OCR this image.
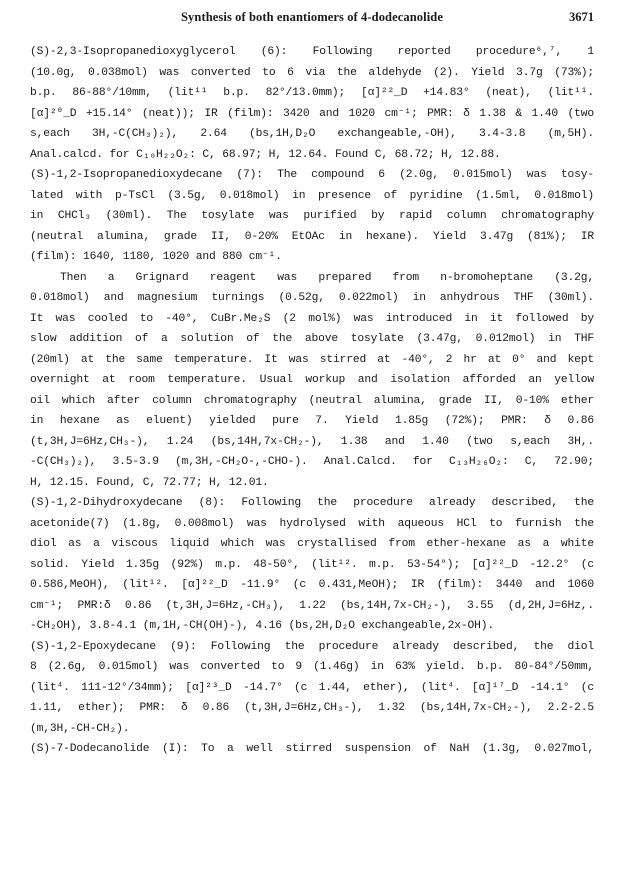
Synthesis of both enantiomers of 4-dodecanolide	3671
(S)-2,3-Isopropanedioxyglycerol (6): Following reported procedure⁶,⁷, 1
(10.0g, 0.038mol) was converted to 6 via the aldehyde (2). Yield 3.7g (73%);
b.p. 86-88°/10mm, (lit¹¹ b.p. 82°/13.0mm); [α]²²_D +14.83° (neat), (lit¹¹.
[α]²⁰_D +15.14° (neat)); IR (film): 3420 and 1020 cm⁻¹; PMR: δ 1.38 & 1.40 (two
s,each 3H,-C(CH₃)₂), 2.64 (bs,1H,D₂O exchangeable,-OH), 3.4-3.8 (m,5H).
Anal.calcd. for C₁₀H₂₂O₂: C, 68.97; H, 12.64. Found C, 68.72; H, 12.88.
(S)-1,2-Isopropanedioxydecane (7): The compound 6 (2.0g, 0.015mol) was tosy-
lated with p-TsCl (3.5g, 0.018mol) in presence of pyridine (1.5ml, 0.018mol)
in CHCl₃ (30ml). The tosylate was purified by rapid column chromatography
(neutral alumina, grade II, 0-20% EtOAc in hexane). Yield 3.47g (81%); IR
(film): 1640, 1180, 1020 and 880 cm⁻¹.
Then a Grignard reagent was prepared from n-bromoheptane (3.2g,
0.018mol) and magnesium turnings (0.52g, 0.022mol) in anhydrous THF (30ml).
It was cooled to -40°, CuBr.Me₂S (2 mol%) was introduced in it followed by
slow addition of a solution of the above tosylate (3.47g, 0.012mol) in THF
(20ml) at the same temperature. It was stirred at -40°, 2 hr at 0° and kept
overnight at room temperature. Usual workup and isolation afforded an yellow
oil which after column chromatography (neutral alumina, grade II, 0-10% ether
in hexane as eluent) yielded pure 7. Yield 1.85g (72%); PMR: δ 0.86
(t,3H,J=6Hz,CH₃-), 1.24 (bs,14H,7x-CH₂-), 1.38 and 1.40 (two s,each 3H,.
-C(CH₃)₂), 3.5-3.9 (m,3H,-CH₂O-,-CHO-). Anal.Calcd. for C₁₃H₂₆O₂: C, 72.90;
H, 12.15. Found, C, 72.77; H, 12.01.
(S)-1,2-Dihydroxydecane (8): Following the procedure already described, the
acetonide(7) (1.8g, 0.008mol) was hydrolysed with aqueous HCl to furnish the
diol as a viscous liquid which was crystallised from ether-hexane as a white
solid. Yield 1.35g (92%) m.p. 48-50°, (lit¹². m.p. 53-54°); [α]²²_D -12.2° (c
0.586,MeOH), (lit¹². [α]²²_D -11.9° (c 0.431,MeOH); IR (film): 3440 and 1060
cm⁻¹; PMR:δ 0.86 (t,3H,J=6Hz,-CH₃), 1.22 (bs,14H,7x-CH₂-), 3.55 (d,2H,J=6Hz,.
-CH₂OH), 3.8-4.1 (m,1H,-CH(OH)-), 4.16 (bs,2H,D₂O exchangeable,2x-OH).
(S)-1,2-Epoxydecane (9): Following the procedure already described, the diol
8 (2.6g, 0.015mol) was converted to 9 (1.46g) in 63% yield. b.p. 80-84°/50mm,
(lit⁴. 111-12°/34mm); [α]²³_D -14.7° (c 1.44, ether), (lit⁴. [α]¹⁷_D -14.1° (c
1.11, ether); PMR: δ 0.86 (t,3H,J=6Hz,CH₃-), 1.32 (bs,14H,7x-CH₂-), 2.2-2.5
(m,3H,-CH-CH₂).
(S)-7-Dodecanolide (I): To a well stirred suspension of NaH (1.3g, 0.027mol,
